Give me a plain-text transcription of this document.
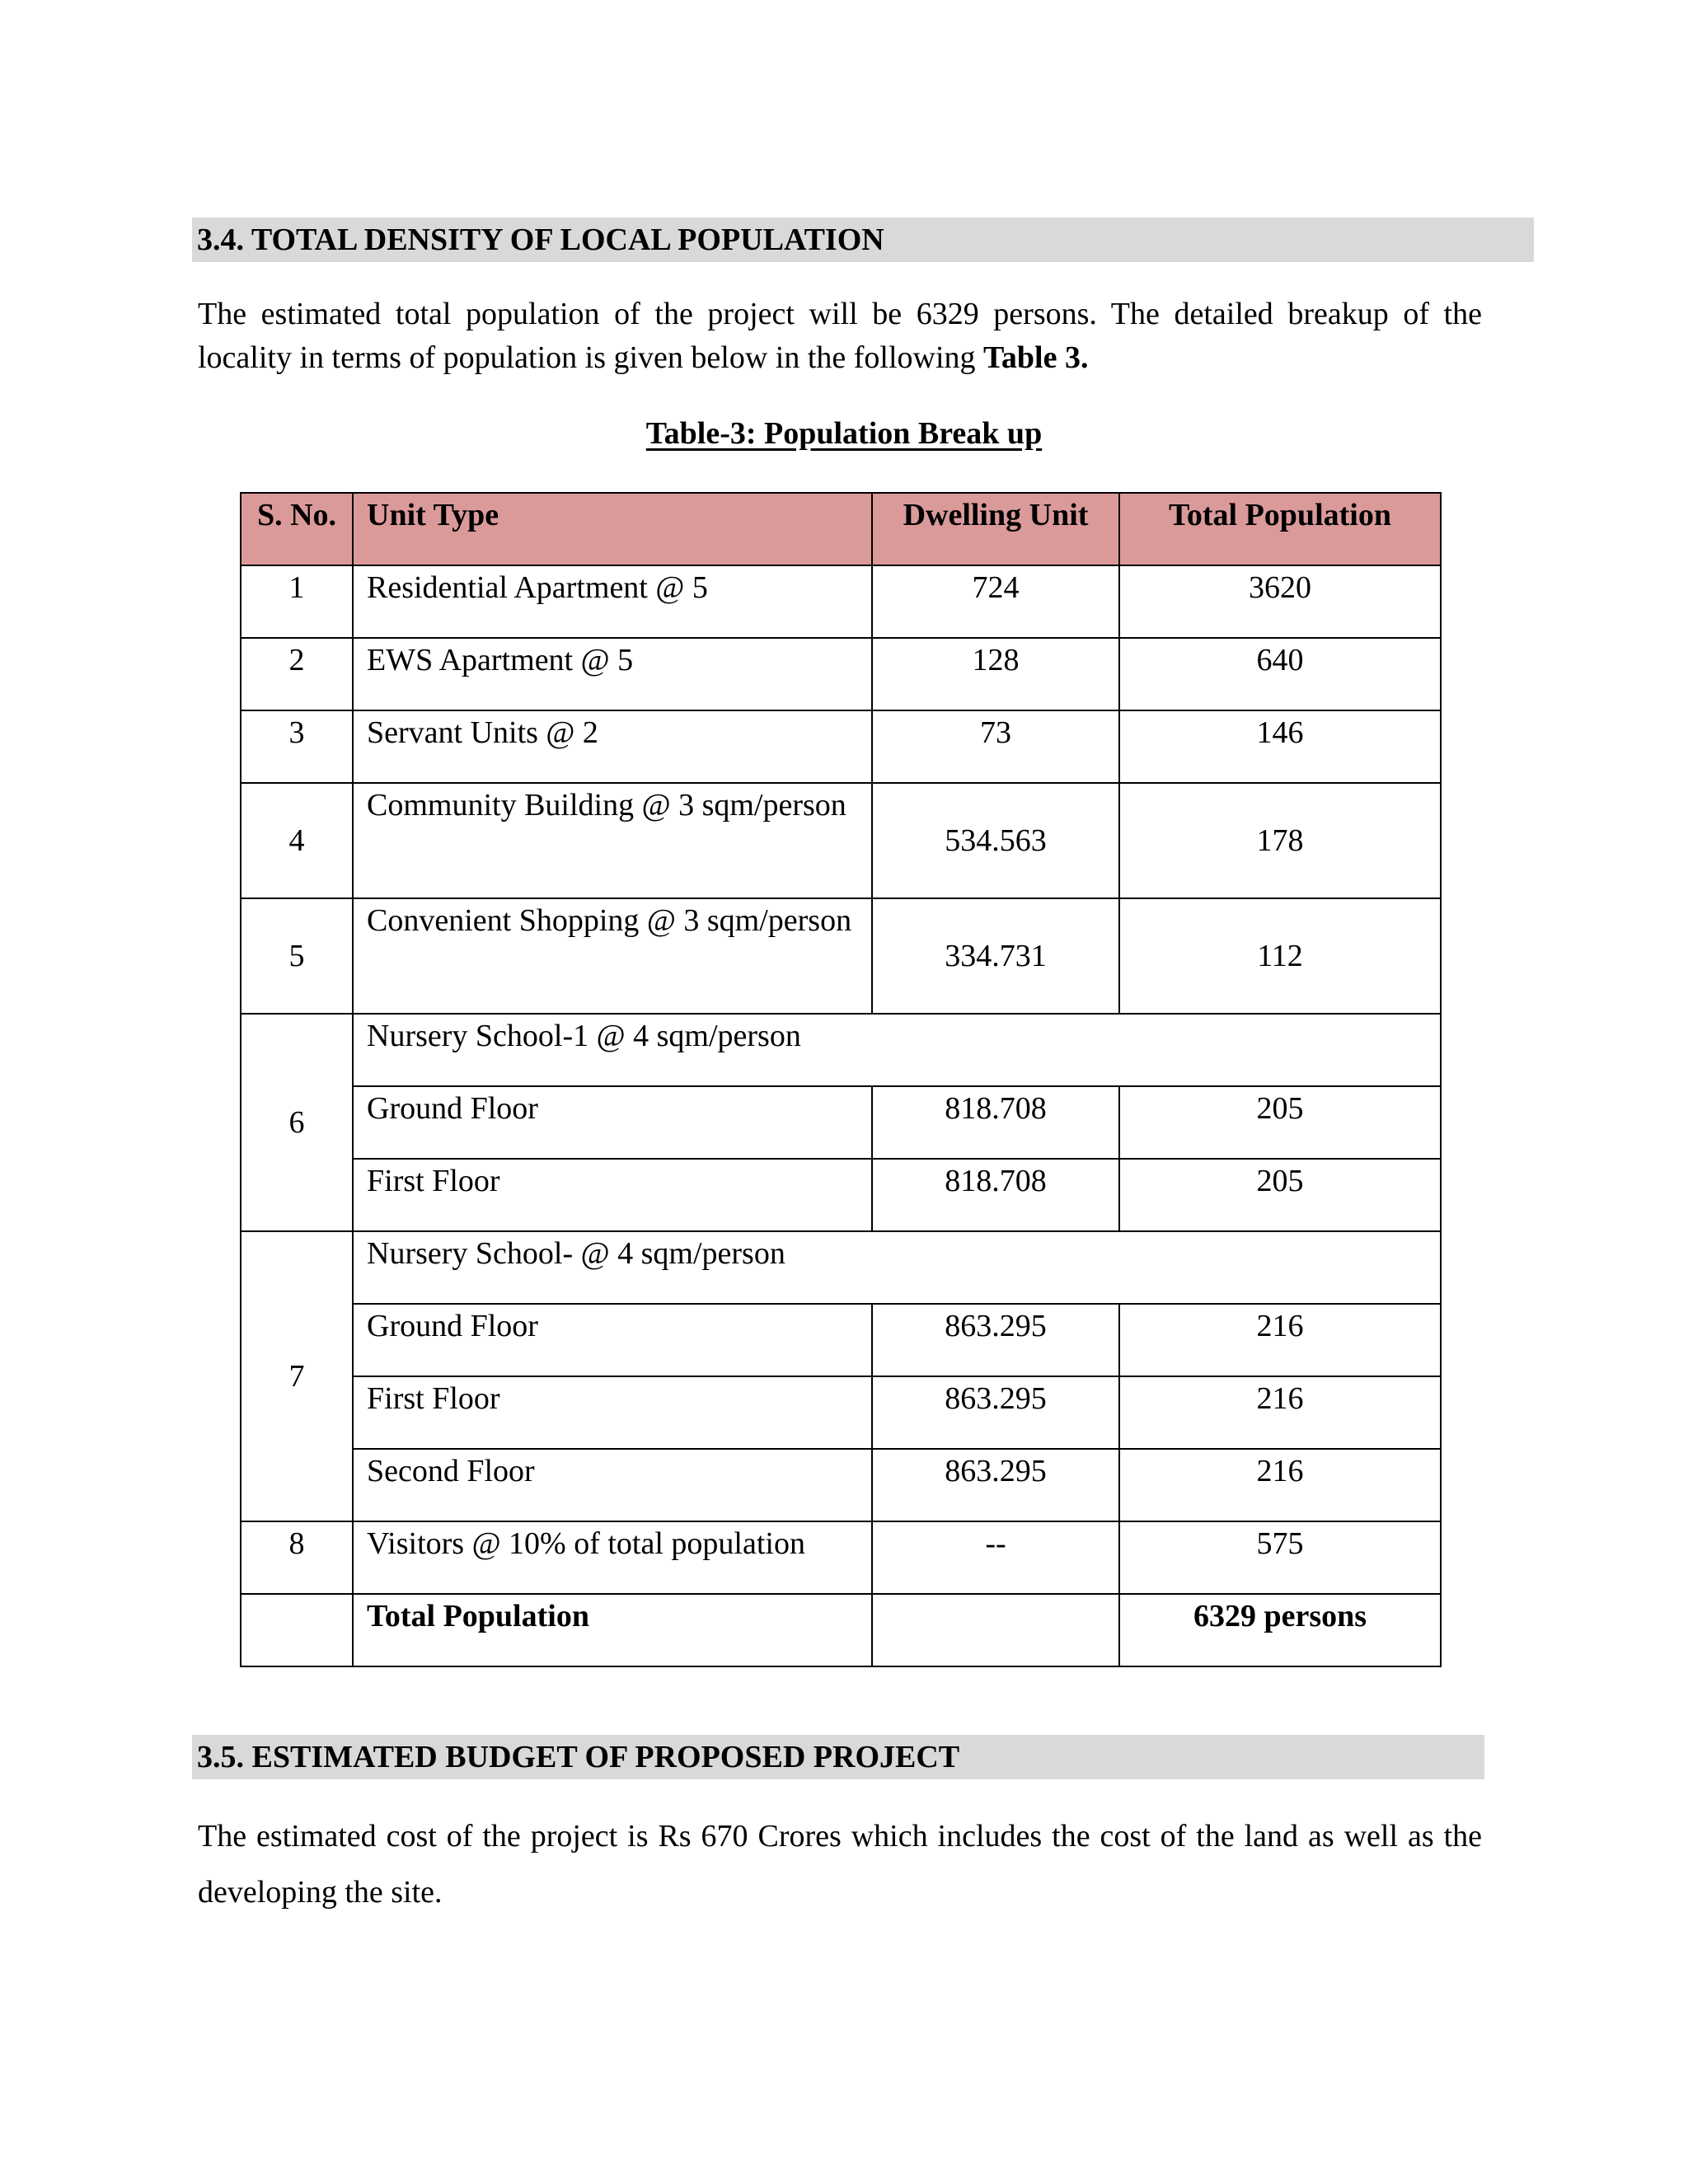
3.4. TOTAL DENSITY OF LOCAL POPULATION

The estimated total population of the project will be 6329 persons. The detailed breakup of the locality in terms of population is given below in the following Table 3.

Table-3: Population Break up
S. No.	Unit Type	Dwelling Unit	Total Population
1	Residential Apartment @ 5	724	3620
2	EWS Apartment @ 5	128	640
3	Servant Units @ 2	73	146
4	Community Building @ 3 sqm/person	534.563	178
5	Convenient Shopping @ 3 sqm/person	334.731	112
6	Nursery School-1 @ 4 sqm/person		
	Ground Floor	818.708	205
	First Floor	818.708	205
7	Nursery School- @ 4 sqm/person		
	Ground Floor	863.295	216
	First Floor	863.295	216
	Second Floor	863.295	216
8	Visitors @ 10% of total population	--	575
	Total Population		6329 persons
3.5. ESTIMATED BUDGET OF PROPOSED PROJECT

The estimated cost of the project is Rs 670 Crores which includes the cost of the land as well as the developing the site.
